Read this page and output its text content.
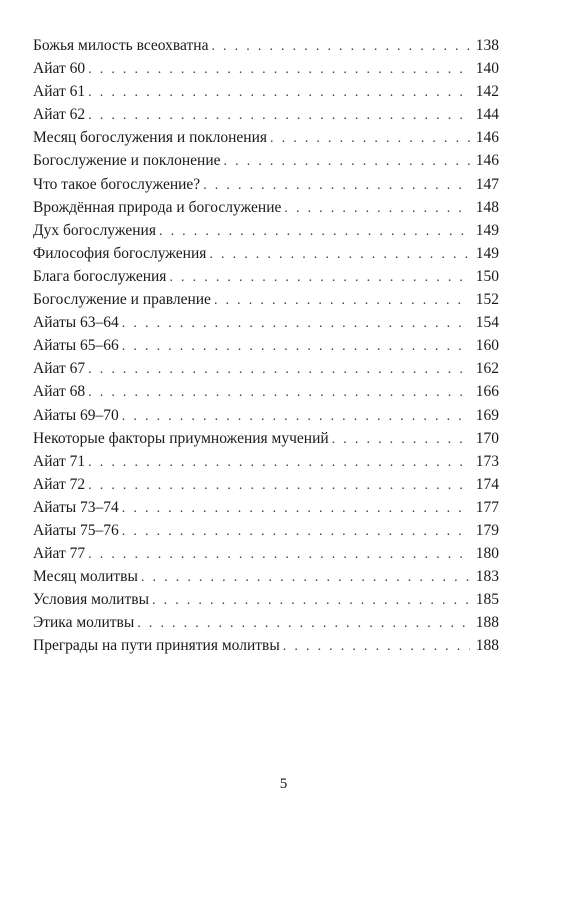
Божья милость всеохватна . . .	138
Айат 60 . . .	140
Айат 61 . . .	142
Айат 62 . . .	144
Месяц богослужения и поклонения . . .	146
Богослужение и поклонение . . .	146
Что такое богослужение? . . .	147
Врождённая природа и богослужение . . .	148
Дух богослужения . . .	149
Философия богослужения . . .	149
Блага богослужения . . .	150
Богослужение и правление . . .	152
Айаты 63–64 . . .	154
Айаты 65–66 . . .	160
Айат 67 . . .	162
Айат 68 . . .	166
Айаты 69–70 . . .	169
Некоторые факторы приумножения мучений . . .	170
Айат 71 . . .	173
Айат 72 . . .	174
Айаты 73–74 . . .	177
Айаты 75–76 . . .	179
Айат 77 . . .	180
Месяц молитвы . . .	183
Условия молитвы . . .	185
Этика молитвы . . .	188
Преграды на пути принятия молитвы . . .	188
5
